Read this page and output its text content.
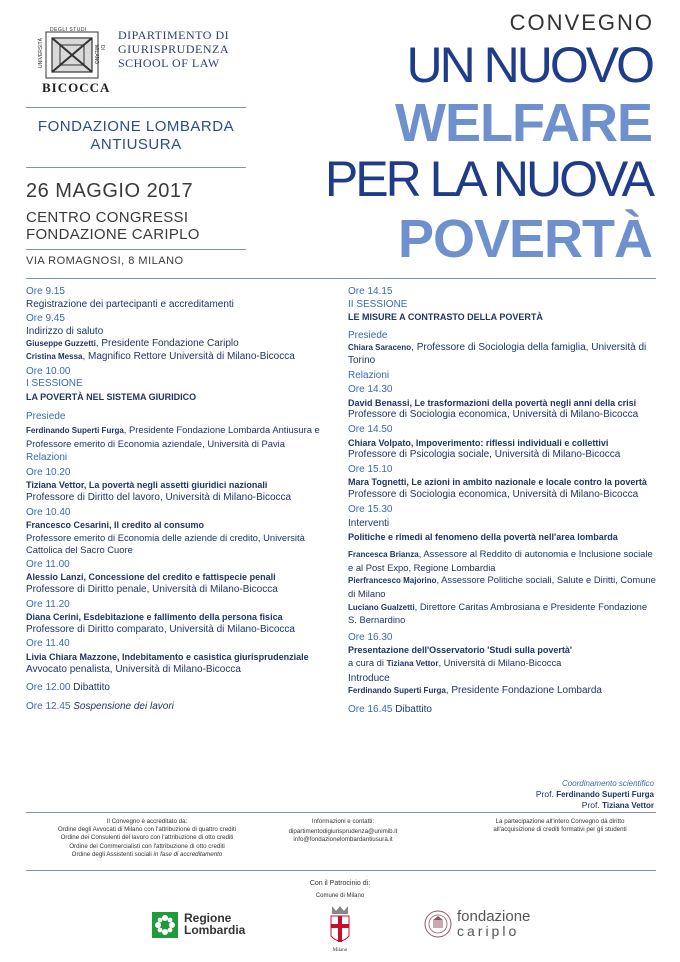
DEGLI STUDI
UNIVERSITÀ	DI MILANO
BICOCCA
DIPARTIMENTO DI
GIURISPRUDENZA
SCHOOL OF LAW
FONDAZIONE LOMBARDA
ANTIUSURA
26 MAGGIO 2017
CENTRO CONGRESSI
FONDAZIONE CARIPLO
VIA ROMAGNOSI, 8 MILANO
CONVEGNO
UN NUOVO
WELFARE
PER LA NUOVA
POVERTÀ
Ore 9.15
Registrazione dei partecipanti e accreditamenti
Ore 9.45
Indirizzo di saluto
Giuseppe Guzzetti, Presidente Fondazione Cariplo
Cristina Messa, Magnifico Rettore Università di Milano-Bicocca
Ore 10.00
I SESSIONE
LA POVERTÀ NEL SISTEMA GIURIDICO
Presiede
Ferdinando Superti Furga, Presidente Fondazione Lombarda Antiusura e Professore emerito di Economia aziendale, Università di Pavia
Relazioni
Ore 10.20
Tiziana Vettor, La povertà negli assetti giuridici nazionali
Professore di Diritto del lavoro, Università di Milano-Bicocca
Ore 10.40
Francesco Cesarini, Il credito al consumo
Professore emerito di Economia delle aziende di credito, Università Cattolica del Sacro Cuore
Ore 11.00
Alessio Lanzi, Concessione del credito e fattispecie penali
Professore di Diritto penale, Università di Milano-Bicocca
Ore 11.20
Diana Cerini, Esdebitazione e fallimento della persona fisica
Professore di Diritto comparato, Università di Milano-Bicocca
Ore 11.40
Livia Chiara Mazzone, Indebitamento e casistica giurisprudenziale
Avvocato penalista, Università di Milano-Bicocca
Ore 12.00 Dibattito
Ore 12.45 Sospensione dei lavori
Ore 14.15
II SESSIONE
LE MISURE A CONTRASTO DELLA POVERTÀ
Presiede
Chiara Saraceno, Professore di Sociologia della famiglia, Università di Torino
Relazioni
Ore 14.30
David Benassi, Le trasformazioni della povertà negli anni della crisi
Professore di Sociologia economica, Università di Milano-Bicocca
Ore 14.50
Chiara Volpato, Impoverimento: riflessi individuali e collettivi
Professore di Psicologia sociale, Università di Milano-Bicocca
Ore 15.10
Mara Tognetti, Le azioni in ambito nazionale e locale contro la povertà
Professore di Sociologia economica, Università di Milano-Bicocca
Ore 15.30
Interventi
Politiche e rimedi al fenomeno della povertà nell'area lombarda
Francesca Brianza, Assessore al Reddito di autonomia e Inclusione sociale e al Post Expo, Regione Lombardia
Pierfrancesco Majorino, Assessore Politiche sociali, Salute e Diritti, Comune di Milano
Luciano Gualzetti, Direttore Caritas Ambrosiana e Presidente Fondazione S. Bernardino
Ore 16.30
Presentazione dell'Osservatorio 'Studi sulla povertà'
a cura di Tiziana Vettor, Università di Milano-Bicocca
Introduce
Ferdinando Superti Furga, Presidente Fondazione Lombarda
Ore 16.45 Dibattito
Coordinamento scientifico
Prof. Ferdinando Superti Furga
Prof. Tiziana Vettor
Il Convegno è accreditato da:
Ordine degli Avvocati di Milano con l'attribuzione di quattro crediti
Ordine dei Consulenti del lavoro con l'attribuzione di otto crediti
Ordine dei Commercialisti con l'attribuzione di otto crediti
Ordine degli Assistenti sociali in fase di accreditamento
Informazioni e contatti:
dipartimentodigiurisprudenza@unimib.it
info@fondazionelombardantiusura.it
La partecipazione all'intero Convegno dà diritto
all'acquisizione di crediti formativi per gli studenti
Con il Patrocinio di:
Comune di Milano
Regione
Lombardia
Milano
fondazione
cariplo
